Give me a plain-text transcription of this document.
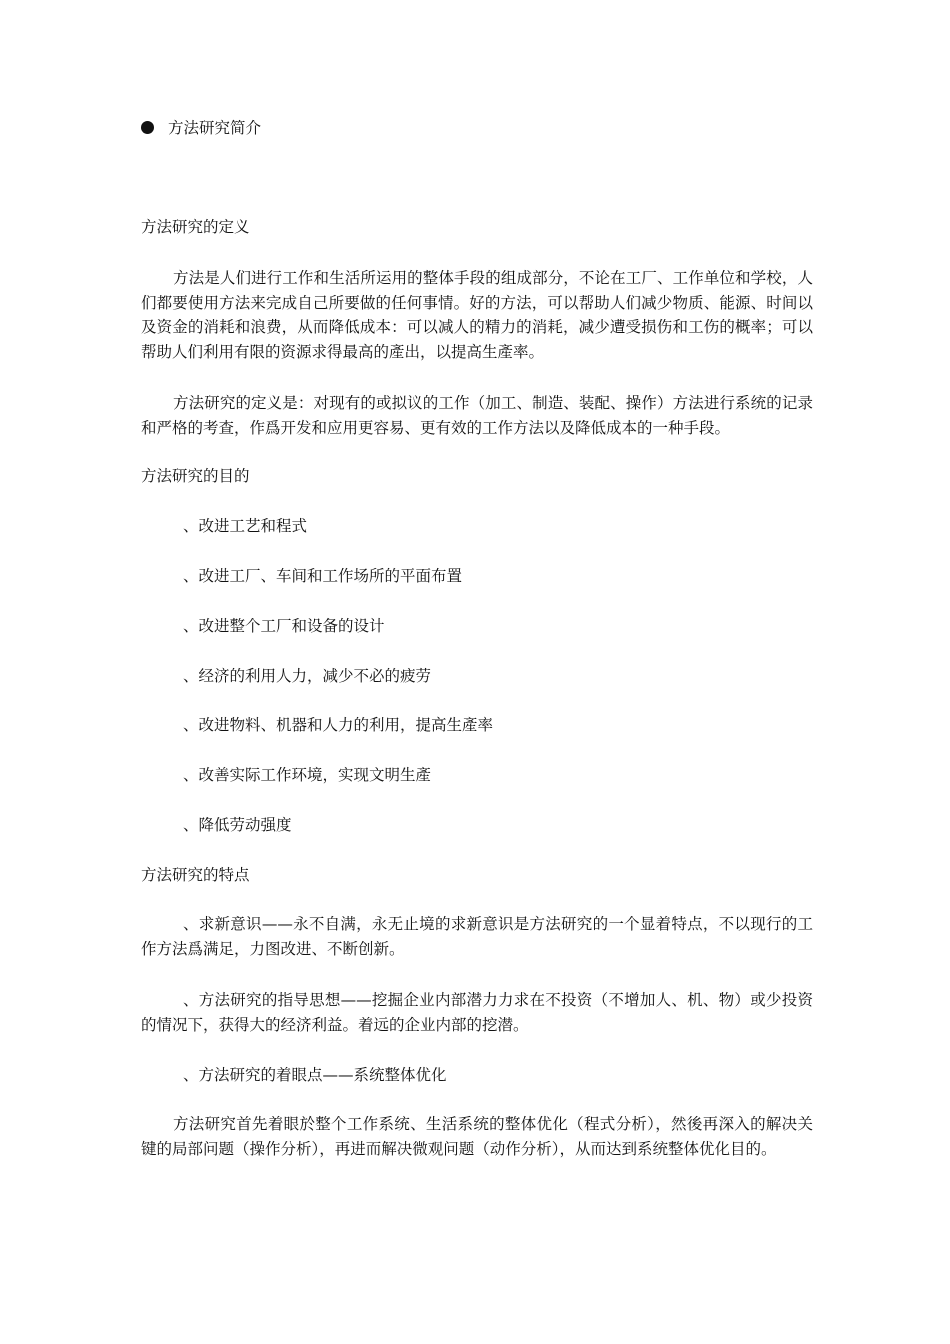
方法研究简介
方法研究的定义
方法是人们进行工作和生活所运用的整体手段的组成部分，不论在工厂、工作单位和学校，人们都要使用方法来完成自己所要做的任何事情。好的方法，可以帮助人们减少物质、能源、时间以及资金的消耗和浪费，从而降低成本：可以减人的精力的消耗，减少遭受损伤和工伤的概率；可以帮助人们利用有限的资源求得最高的產出，以提高生產率。
方法研究的定义是：对现有的或拟议的工作（加工、制造、装配、操作）方法进行系统的记录和严格的考查，作爲开发和应用更容易、更有效的工作方法以及降低成本的一种手段。
方法研究的目的
、改进工艺和程式
、改进工厂、车间和工作场所的平面布置
、改进整个工厂和设备的设计
、经济的利用人力，减少不必的疲劳
、改进物料、机器和人力的利用，提高生產率
、改善实际工作环境，实现文明生產
、降低劳动强度
方法研究的特点
、求新意识——永不自满，永无止境的求新意识是方法研究的一个显着特点，不以现行的工作方法爲满足，力图改进、不断创新。
、方法研究的指导思想——挖掘企业内部潜力力求在不投资（不增加人、机、物）或少投资的情况下，获得大的经济利益。着远的企业内部的挖潜。
、方法研究的着眼点——系统整体优化
方法研究首先着眼於整个工作系统、生活系统的整体优化（程式分析），然後再深入的解决关键的局部问题（操作分析），再进而解决微观问题（动作分析），从而达到系统整体优化目的。
